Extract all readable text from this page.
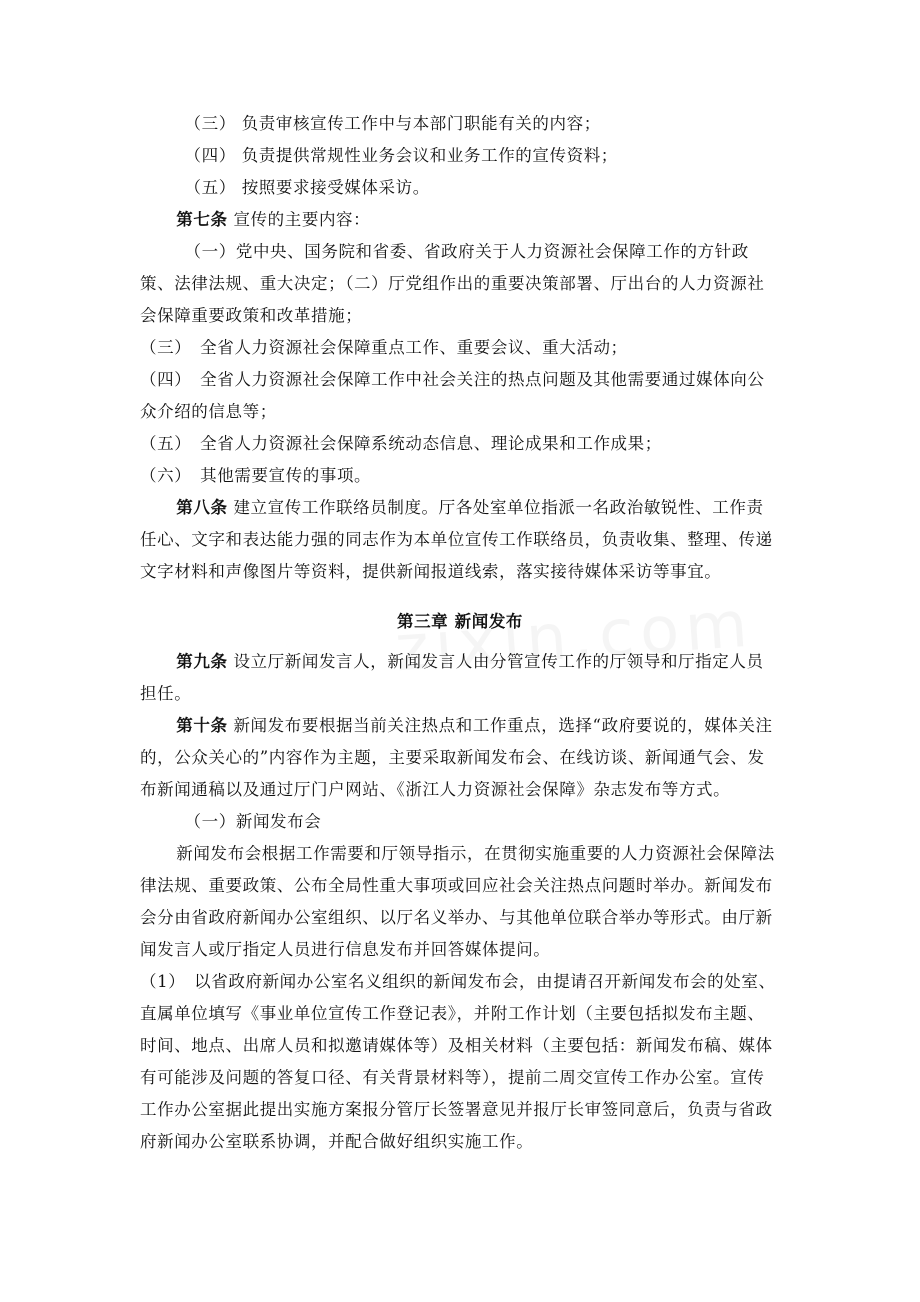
（三） 负责审核宣传工作中与本部门职能有关的内容；

（四） 负责提供常规性业务会议和业务工作的宣传资料；

（五） 按照要求接受媒体采访。

第七条 宣传的主要内容：

（一）党中央、国务院和省委、省政府关于人力资源社会保障工作的方针政策、法律法规、重大决定；（二）厅党组作出的重要决策部署、厅出台的人力资源社会保障重要政策和改革措施；

（三）　全省人力资源社会保障重点工作、重要会议、重大活动；

（四）　全省人力资源社会保障工作中社会关注的热点问题及其他需要通过媒体向公众介绍的信息等；

（五）　全省人力资源社会保障系统动态信息、理论成果和工作成果；

（六）　其他需要宣传的事项。

第八条 建立宣传工作联络员制度。厅各处室单位指派一名政治敏锐性、工作责任心、文字和表达能力强的同志作为本单位宣传工作联络员，负责收集、整理、传递文字材料和声像图片等资料，提供新闻报道线索，落实接待媒体采访等事宜。

第三章 新闻发布

第九条 设立厅新闻发言人，新闻发言人由分管宣传工作的厅领导和厅指定人员担任。

第十条 新闻发布要根据当前关注热点和工作重点，选择“政府要说的，媒体关注的，公众关心的”内容作为主题，主要采取新闻发布会、在线访谈、新闻通气会、发布新闻通稿以及通过厅门户网站、《浙江人力资源社会保障》杂志发布等方式。

（一）新闻发布会

新闻发布会根据工作需要和厅领导指示，在贯彻实施重要的人力资源社会保障法律法规、重要政策、公布全局性重大事项或回应社会关注热点问题时举办。新闻发布会分由省政府新闻办公室组织、以厅名义举办、与其他单位联合举办等形式。由厅新闻发言人或厅指定人员进行信息发布并回答媒体提问。

（1）　以省政府新闻办公室名义组织的新闻发布会，由提请召开新闻发布会的处室、直属单位填写《事业单位宣传工作登记表》，并附工作计划（主要包括拟发布主题、时间、地点、出席人员和拟邀请媒体等）及相关材料（主要包括：新闻发布稿、媒体有可能涉及问题的答复口径、有关背景材料等），提前二周交宣传工作办公室。宣传工作办公室据此提出实施方案报分管厅长签署意见并报厅长审签同意后，负责与省政府新闻办公室联系协调，并配合做好组织实施工作。
